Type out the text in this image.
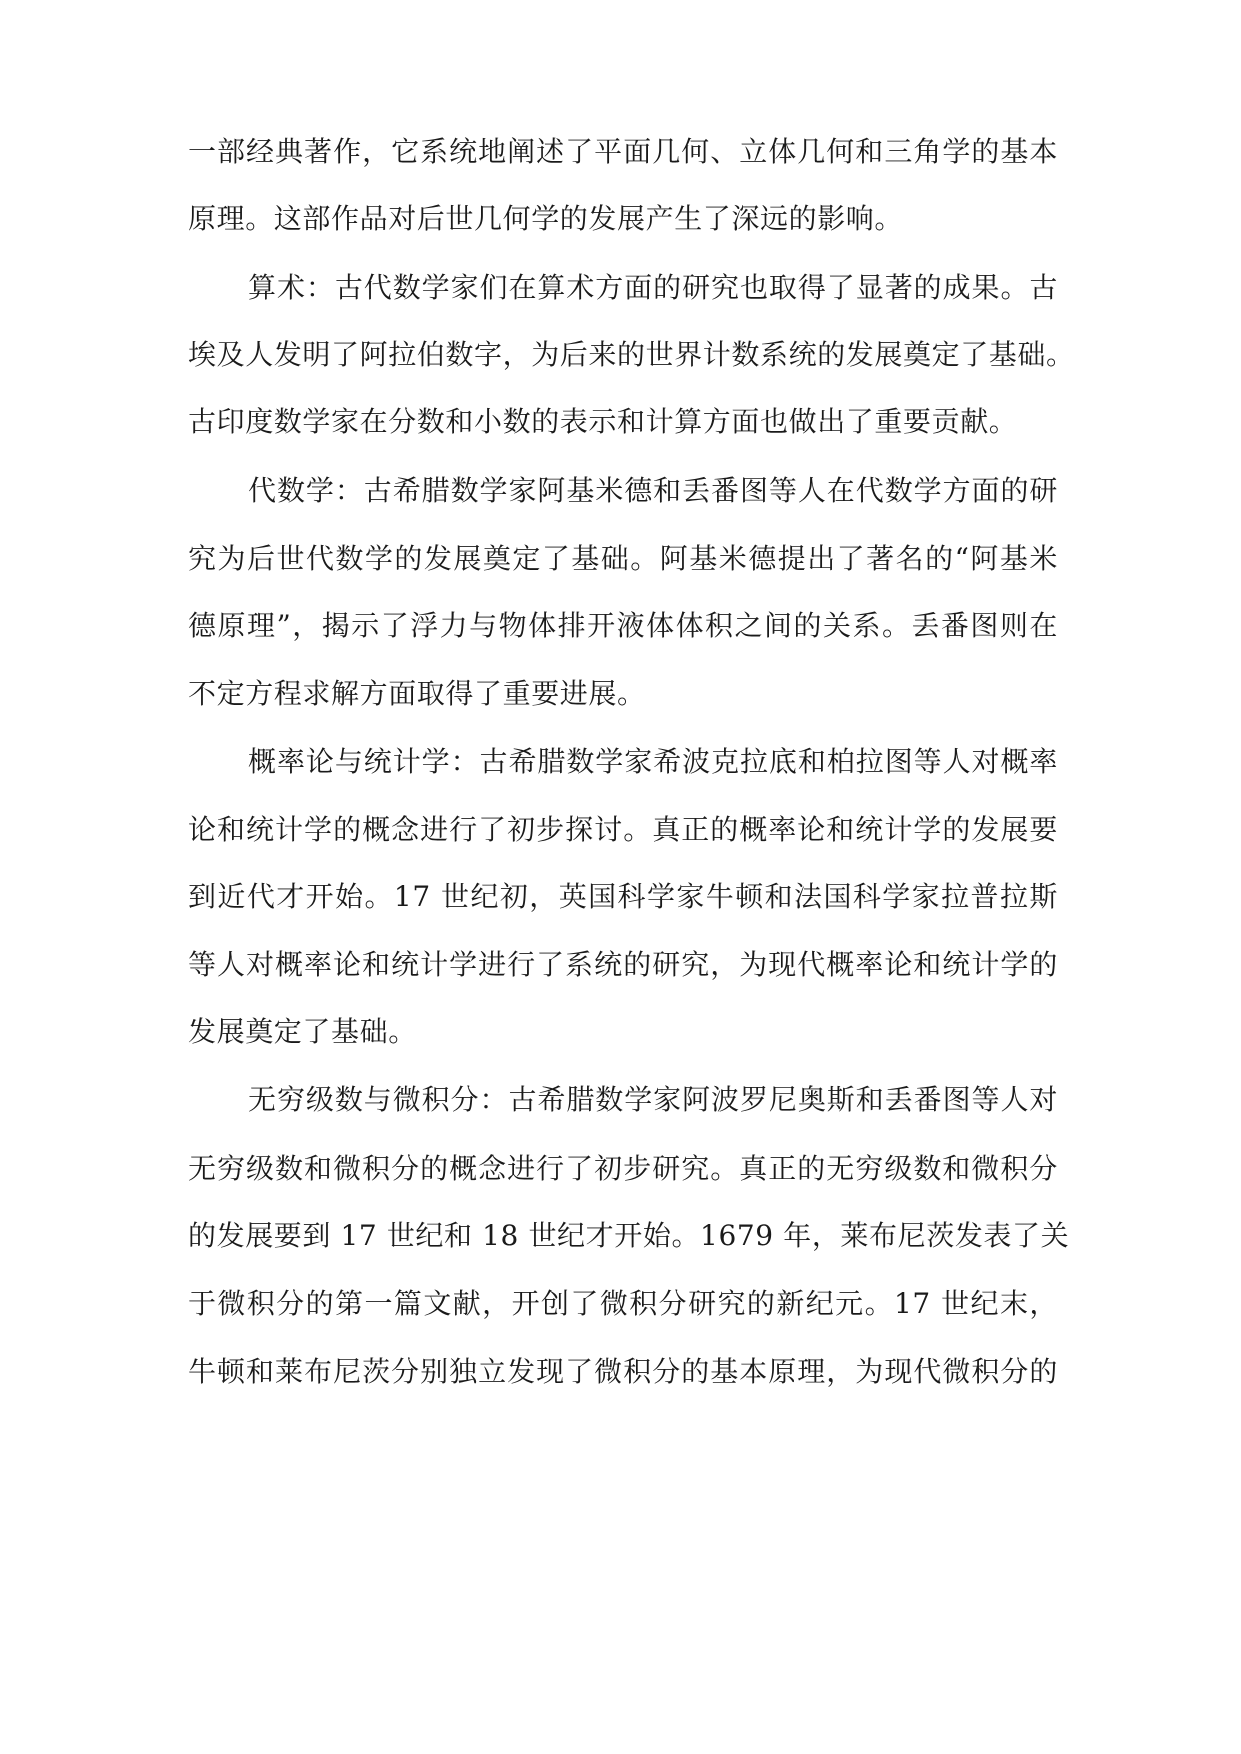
一部经典著作，它系统地阐述了平面几何、立体几何和三角学的基本
原理。这部作品对后世几何学的发展产生了深远的影响。
算术：古代数学家们在算术方面的研究也取得了显著的成果。古
埃及人发明了阿拉伯数字，为后来的世界计数系统的发展奠定了基础。
古印度数学家在分数和小数的表示和计算方面也做出了重要贡献。
代数学：古希腊数学家阿基米德和丢番图等人在代数学方面的研
究为后世代数学的发展奠定了基础。阿基米德提出了著名的“阿基米
德原理”，揭示了浮力与物体排开液体体积之间的关系。丢番图则在
不定方程求解方面取得了重要进展。
概率论与统计学：古希腊数学家希波克拉底和柏拉图等人对概率
论和统计学的概念进行了初步探讨。真正的概率论和统计学的发展要
到近代才开始。17 世纪初，英国科学家牛顿和法国科学家拉普拉斯
等人对概率论和统计学进行了系统的研究，为现代概率论和统计学的
发展奠定了基础。
无穷级数与微积分：古希腊数学家阿波罗尼奥斯和丢番图等人对
无穷级数和微积分的概念进行了初步研究。真正的无穷级数和微积分
的发展要到 17 世纪和 18 世纪才开始。1679 年，莱布尼茨发表了关
于微积分的第一篇文献，开创了微积分研究的新纪元。17 世纪末，
牛顿和莱布尼茨分别独立发现了微积分的基本原理，为现代微积分的
